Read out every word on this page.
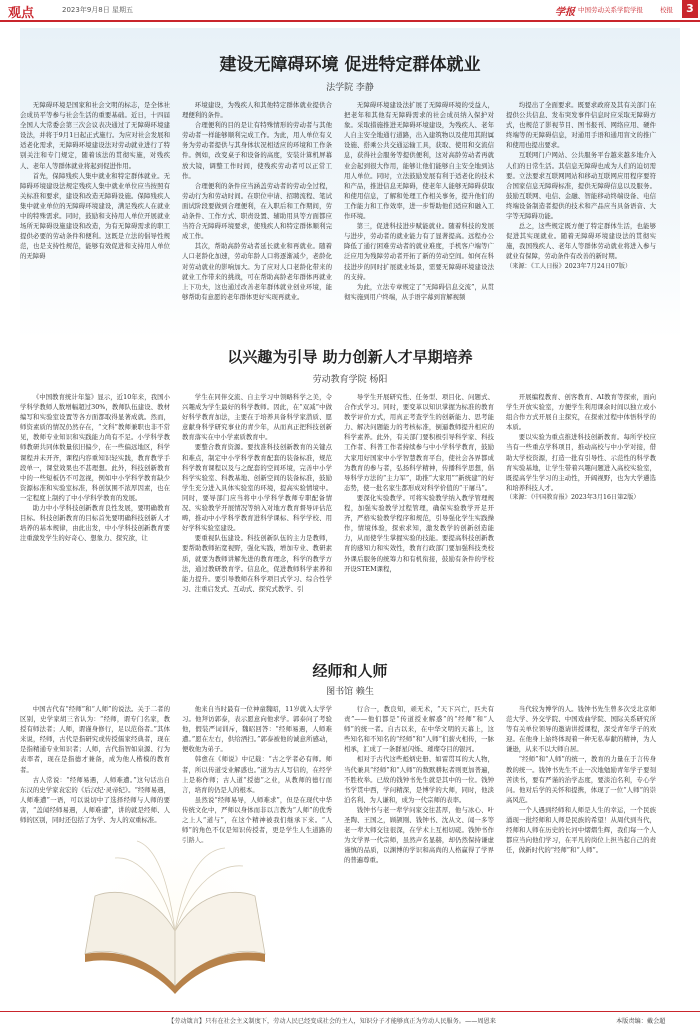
观点	2023年9月8日 星期五	学报 中国劳动关系学院学报	校报	3
建设无障碍环境 促进特定群体就业
法学院 李静

无障碍环境是国家和社会文明的标志，是全体社会成员平等参与社会生活的重要基础。近日，十四届全国人大常委会第三次会议表决通过了无障碍环境建设法，并将于9月1日起正式施行。为应对社会发展和适老化需求，无障碍环境建设法对劳动就业进行了特别关注和专门规定，随着该法的贯彻实施，对残疾人、老年人等群体就业将起到促进作用。

首先，保障残疾人集中就业和特定群体就业。无障碍环境建设法规定残疾人集中就业单位应当按照有关标准和要求，建设和改造无障碍设施。保障残疾人集中就业单位的无障碍环境建设，满足残疾人在就业中的特殊需求。同时，鼓励和支持用人单位开展就业场所无障碍设施建设和改造，为有无障碍需求的职工提供必要的劳动条件和便利。这既是立法的倡导性规范，也是支持性规范，能够有效促进和支持用人单位的无障碍

环境建设，为残疾人和其他特定群体就业提供合理便利的条件。

合理便利的目的是让有特殊情形的劳动者与其他劳动者一样能够顺利完成工作。为此，用人单位有义务为劳动者提供与其身体状况相适应的环境和工作条件。例如，改变桌子和设备的高度，安装计算机屏幕放大镜，调整工作时间，使残疾劳动者可以正常工作。

合理便利的条件应当涵盖劳动者的劳动全过程，劳动行为和劳动时间。在职位申请、招聘流程、笔试面试阶段要做到合理便利，在入职后和工作期间，劳动条件、工作方式、职责设置、辅助用具等方面都应当符合无障碍环境要求，使残疾人和特定群体顺利完成工作。

其次，帮助高龄劳动者延长就业和再就业。随着人口老龄化加速，劳动年龄人口将逐渐减少，老龄化对劳动就业的影响加大。为了应对人口老龄化带来的就业工作带来的挑战，可在帮助高龄老年群体再就业上下功夫，这也通过改善老年群体就业创业环境，能够帮助有意愿的老年群体更好实现再就业。

无障碍环境建设法扩展了无障碍环境的受益人，把老年和其他有无障碍需求的社会成员纳入保护对象。采取措施推进无障碍环境建设，为残疾人、老年人自主安全地通行道路，出入建筑物以及使用其附属设施、搭乘公共交通运输工具，获取、使用和交流信息，获得社会服务等提供便利，这对高龄劳动者再就业会起到很大作用，能够让他们能够自主安全地到达用人单位。同时，立法鼓励发展有利于适老化的技术和产品，推进信息无障碍，使老年人能够无障碍获取和使用信息，了解和处理工作相关事务，提升他们的工作能力和工作效率，进一步帮助他们适应和融入工作环境。

第三，促进科技进步赋能就业。随着科技的发展与进步，劳动者的就业能力有了显著提高。远程办公降低了通行困难劳动者的就业难度，手机客户端等广泛应用为残障劳动者开拓了新的劳动空间。如何在科技进步的同时扩展就业场景，需要无障碍环境建设法的支持。

为此，立法专章规定了“无障碍信息交流”，从贯彻实施到用户终端，从手语字幕到盲解视频

均提出了全面要求。既要求政府及其有关部门在提供公共信息、发布突发事件信息时应采取无障碍方式，也规范了影视节目、图书报刊、网络应用、硬件终端等的无障碍信息，对通用手语和通用盲文的推广和使用也提出要求。

互联网门户网站、公共服务平台越来越多地介入人们的日常生活。其信息无障碍也成为人们的迫切需要。立法要求互联网网站和移动互联网应用程序要符合国家信息无障碍标准，提供无障碍信息以及服务。鼓励互联网、电信、金融、智能移动终端设备、电信终端设备制造者提供的技术和产品应当具备语音、大字等无障碍功能。

总之，这些规定既方便了特定群体生活，也能够促进其实现就业。随着无障碍环境建设法的贯彻实施，我国残疾人、老年人等群体劳动就业将进入参与就业有保障，劳动条件有改善的新时期。

（来源：《工人日报》2023年7月24日07版）

以兴趣为引导 助力创新人才早期培养
劳动教育学院 杨阳

《中国教育统计年鉴》显示，近10年来，我国小学科学教师人数增幅超过30%，教师队伍建设、教材编写和实验室设置等各方面都取得显著成就。然而，师资素质的情况仍然存在，“文科”教师兼职也非不常见，教师专业知识和实践能力尚有不足。小学科学教师教研共同体数量依旧偏少，在一些偏远地区，科学课程并未开齐，课程内容重知识轻实践，教育教学手段单一，课堂效果也不甚理想。此外，科技创新教育中的一些短板仍不可忽视，例如中小学科学教育缺少资源标准和实验室标准，科创氛围不浓厚因素，也在一定程度上制约了中小学科学教育的发展。

助力中小学科技创新教育良性发展，要明确教育目标。科技创新教育的目标首先要明确科技创新人才培养的基本规律，由此出发，中小学科技创新教育要注重激发学生的好奇心、想象力、探究欲，让

学生在同伴交流、自主学习中领略科学之美，令兴趣成为学生最好的科学教师。因此，在“双减”中做好科学教育加法，主要在于培养具备科学家潜质、愿意献身科学研究事业的青少年，从而真正把科技创新教育落实在中小学素质教育中。

要整合教育资源。要找准科技创新教育的关键点和难点，制定中小学科学教育配套的装备标准，规范科学教育课程以及与之配套的空间环境，完善中小学科学实验室、科教基地、创新空间的装备标准，鼓励学生充分进入具体实验室的环境，提高实验情境中。同时，要导部门应当将中小学科学教师专职配备情况、实验教学开展情况等纳入对地方教育督导评估范畴，推动中小学科学教育进科学课标、科学学校、用好学科实验室建设。

要重视队伍建设。科技创新队伍的主力是教师，要帮助教师拓宽视野，强化实践，增加专业、教研素质，就要为教师讲解先进的教育理念，科学的教学方法，通过教研教育学。信息化，促进教师科学素养和能力提升。要引导教师在科学项目式学习、综合性学习、注重启发式、互动式、探究式教学、引

导学生开展研究性、任务型、项目化、问题式、合作式学习。同时，要变革以知识掌握为标准的教育教学评价方式，用真正考查学生的创新能力、思考能力、解决问题能力的考核标准，倒逼教师提升相应的科学素养。此外，有关部门要积极引导科学家、科技工作者、科普工作者持续参与中小学科学教育，鼓励大家用好国家中小学智慧教育平台，使社会各界都成为教育的参与者，弘扬科学精神，传播科学思想，倡导科学方法的“主力军”，助推“大家用”“新统建”的好态势，使一批名家生都形成对科学价值的“干屠马”。

要深化实验教学。可将实验教学纳入教学管理规程，加强实验教学过程管理，确保实验教学开足开齐，严格实验教学程序和规范，引导强化学生实践操作，情境体验，探索求知，激发教学的创新创造能力，从而使学生掌握实验的技能。要提高科技创新教育的感知力和实效性，教育行政部门要加强科技类校外课后服务的统筹力和有机衔接，鼓励有条件的学校开设STEM课程，

开展编程教育、创客教育、AI教育等探索，面向学生开放实验室，方便学生利用课余时间以独立或小组合作方式开展自主探究，在探索过程中体悟科学的本质。

要以实验为重点推进科技创新教育。每所学校应当有一些重点学科项目，推动高校与中小学对接，借助大学校资源，打造一批有引导性、示范性的科学教育实验基地，让学生带着兴趣问题进入高校实验室，既提高学生学习的主动性，开阔视野，也为大学遴选和培养科技人才。

（来源：《中国教育报》2023年3月16日第2版）

经师和人师
图书馆 赖生

中国古代有“经师”和“人师”的说法。关于二者的区别，史学家胡三省认为：“经师，谓专门名家，教授有师法者；人师，谓谨身修行，足以范俗者。”其体来说，经师，古代是指研究或传授儒家经典者，现在是指精通专业知识者；人师，古代指智如泉源、行为表率者，现在是指德才兼备，成为他人楷模的教育者。

古人常说：“经师易遇，人师难遭。”这句话出自东汉的史学家袁宏的《后汉纪·灵帝纪》。“经师易遇，人师难遭”一语，可以说切中了选择经师与人师的要害，“盖闻经师易遇，人师难遭”，讲的就是经师、人师的区别，同时还包括了为学、为人的双重标准。

他来自当时最有一位神童魏昭，11岁就入太学学习。他拜访郭泰，表示愿意向他求学。郭泰问了考验他，假装严词训斥，魏昭回答：“经师易遇，人师难遭。”愿在左右，供给洒扫。”郭泰被他的诚意所感动，便收他为弟子。

韩愈在《师说》中记载：“古之学者必有师。师者，所以传道受业解惑也。”道为古人写信的，在经学上是称作师；古人道“授德”之业，从教师的德行而言，培育的仍是人的根本。

虽然说“经师易导，人师难求”，但是在现代中华传统文化中，严师以身体而非以言教为“人师”的优秀之上人“道与”，在这个精神被我们继承下来。“人师”的角色不仅是知识传授者，更是学生人生道路的

行合一，教良知，顽无术，“天下兴亡，匹夫有责”——他们都是“传道授业解惑”的“经师”和“人师”的统一者。自古以来，在中华文明的天幕上，这些知名和不知名的“经师”和“人师”们薪火相传，一脉相承，汇成了一条群星闪烁、璀璨夺目的银河。

相对于古代这些彪炳史册、如雷贯耳的大人物，当代兼具“经师”和“人师”的数默耕耘者则更加普遍，不胜枚举。已故的钱钟书先生就是其中的一位。钱钟书学贯中西，学问精深，是博学的大师，同时，他淡泊名利、为人谦和，成为一代宗师的表率。

钱钟书与老一辈学问家交往甚厚，他与冰心、叶圣陶、王国之，顾颉刚、钱钟书、沈从文、闻一多等老一辈大师交往很深，在学术上互相切磋。钱钟书作为文学界一代宗师，虽然声名显赫，却仍然保持谦虚谨慎的品质，以渊博的学识和高尚的人格赢得了学界的普遍尊重。

当代较为博学的人。钱钟书先生曾多次受北京师范大学、外交学院、中国戏曲学院、国际关系研究所等有关单位领导的邀请讲授课程，深受青年学子的欢迎。在他身上始终体现着一种无私奉献的精神，为人谦逊，从来不以大师自居。

“经师”和“人师”的统一，教育的力量在于言传身教的统一。钱钟书先生不止一次地勉励青年学子要刻苦读书，要有严谨的治学态度，要淡泊名利，专心学问。他对后学的关怀和提携，体现了一位“人师”的崇高风范。

一个人遇到经师和人师是人生的幸运，一个民族涌现一批经师和人师是民族的希望！从周代到当代，经师和人师在历史的长河中熠熠生辉，我们每一个人都应当向他们学习，在平凡的岗位上担当起自己的责任，做新时代的“经师”和“人师”。

【劳动箴言】只有在社会主义制度下，劳动人民已经变成社会的主人，知识分子才能够真正为劳动人民服务。——周恩来	本版责编：戴会超
